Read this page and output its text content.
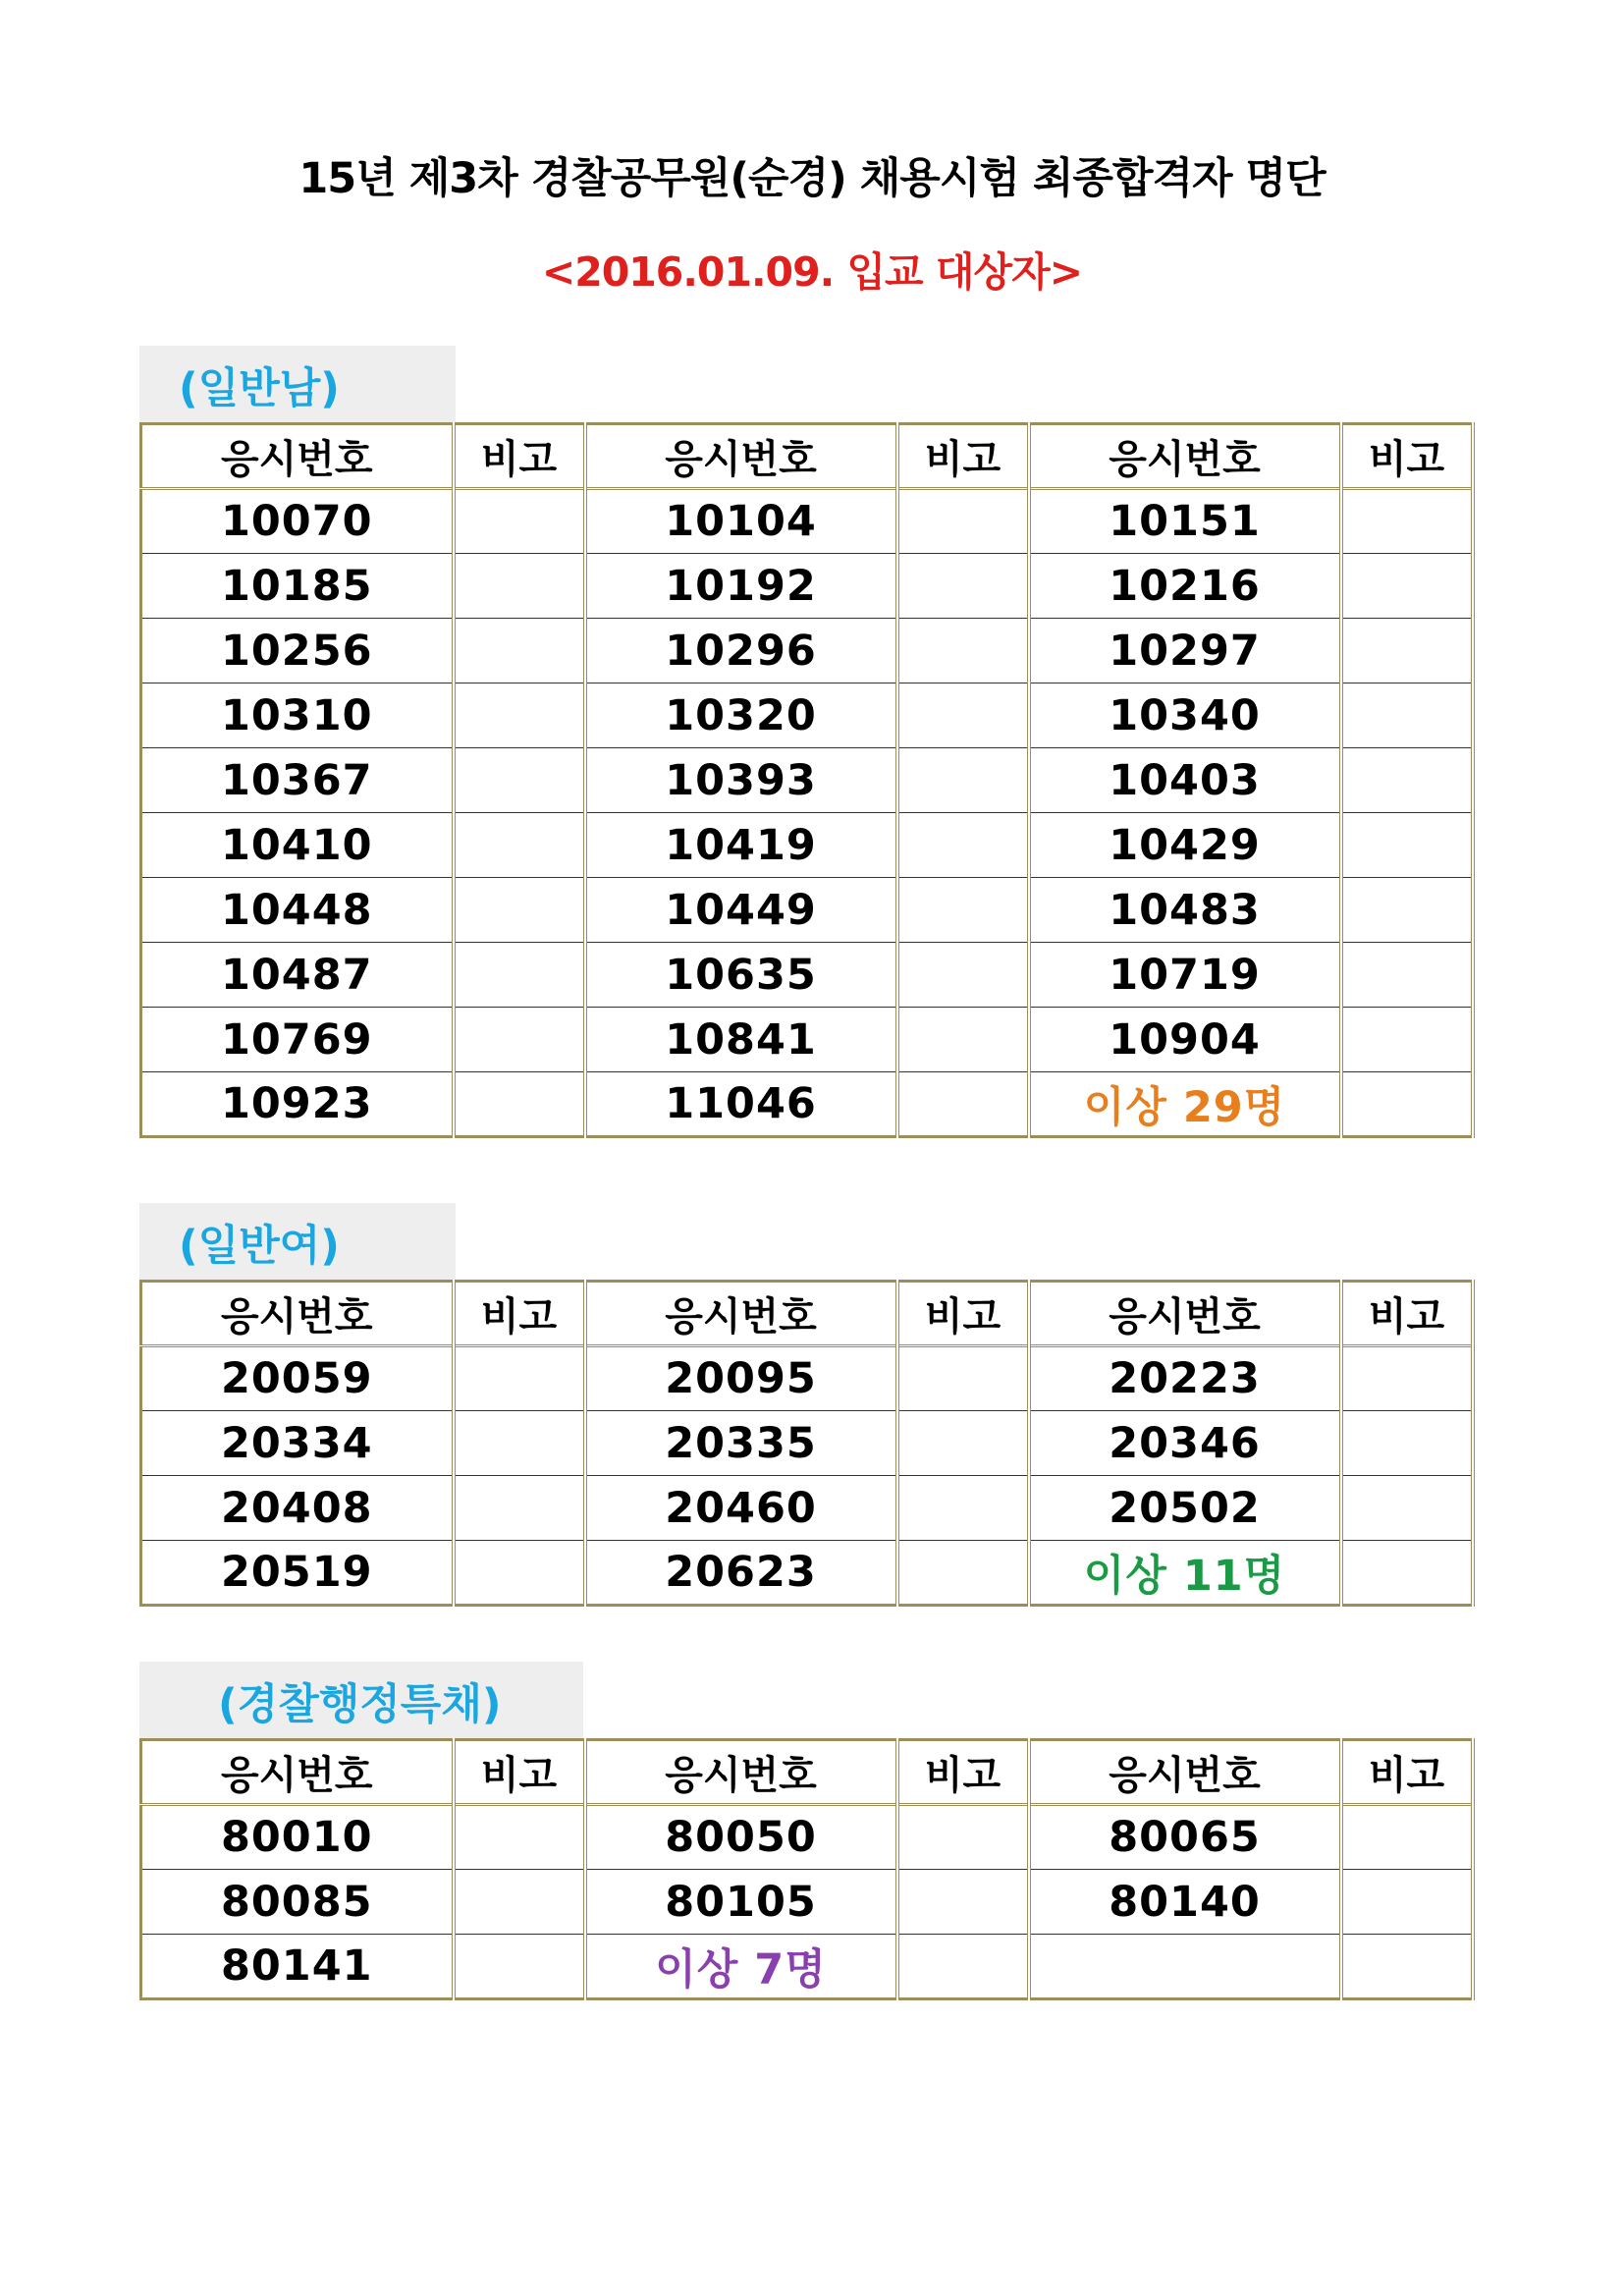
15년 제3차 경찰공무원(순경) 채용시험 최종합격자 명단
<2016.01.09. 입교 대상자>
(일반남)
응시번호	비고	응시번호	비고	응시번호	비고
10070		10104		10151	
10185		10192		10216	
10256		10296		10297	
10310		10320		10340	
10367		10393		10403	
10410		10419		10429	
10448		10449		10483	
10487		10635		10719	
10769		10841		10904	
10923		11046		이상 29명	
(일반여)
응시번호	비고	응시번호	비고	응시번호	비고
20059		20095		20223	
20334		20335		20346	
20408		20460		20502	
20519		20623		이상 11명	
(경찰행정특채)
응시번호	비고	응시번호	비고	응시번호	비고
80010		80050		80065	
80085		80105		80140	
80141		이상 7명			
